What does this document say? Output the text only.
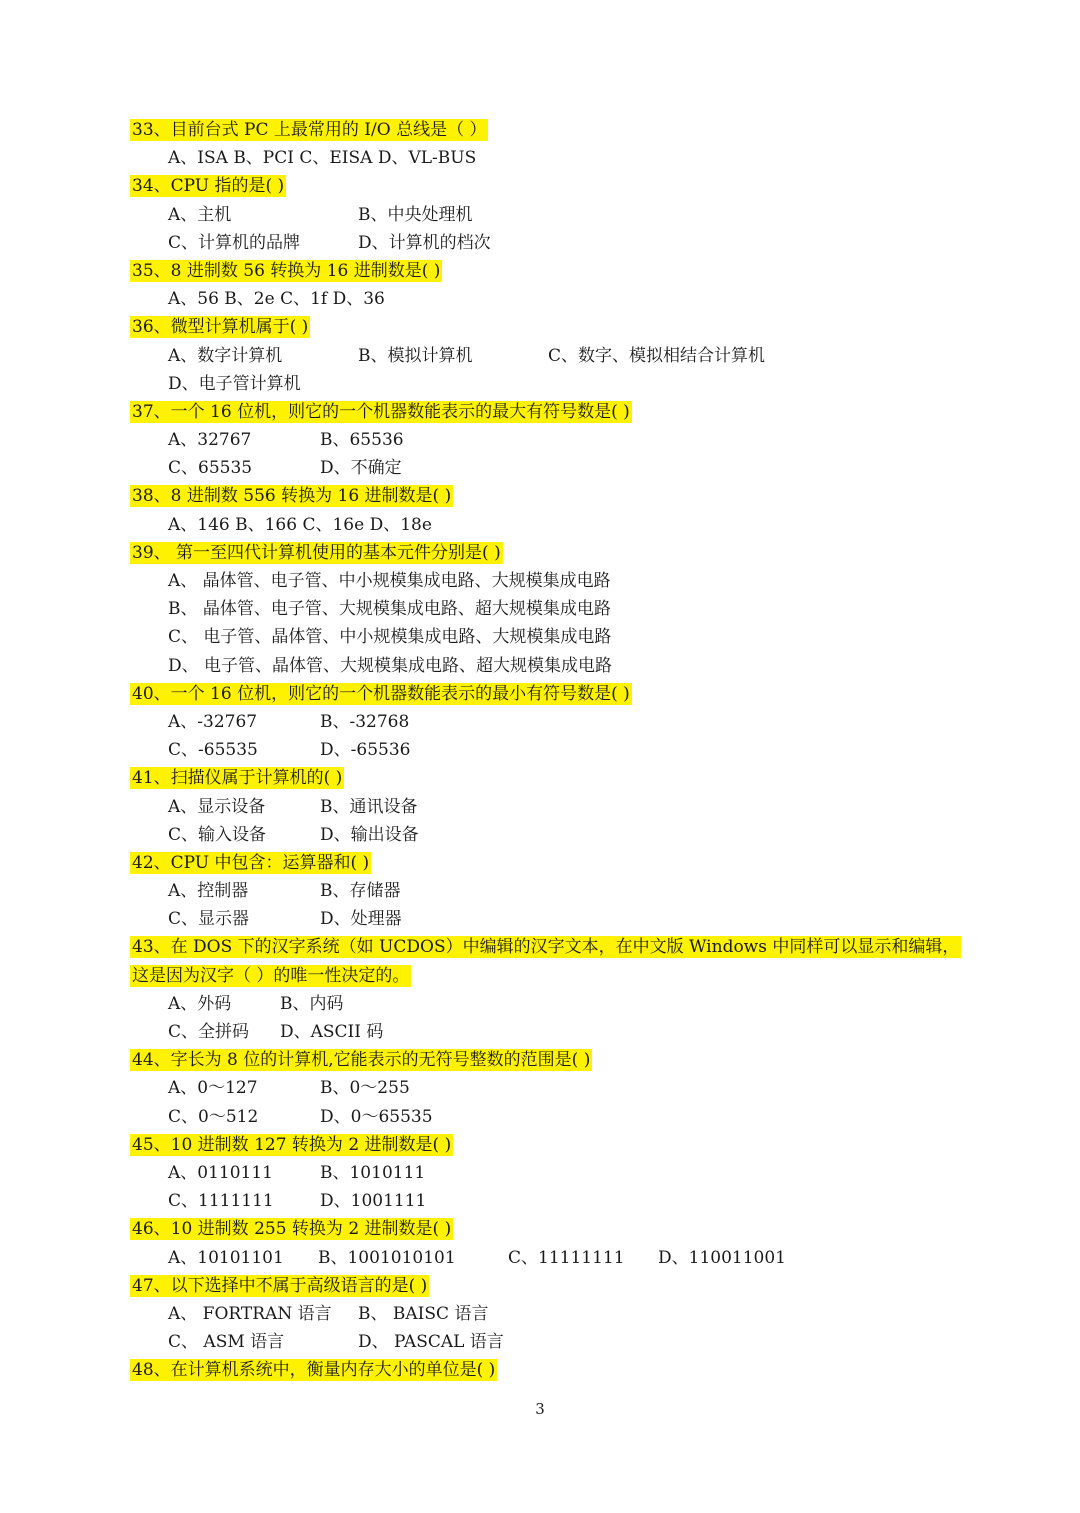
33、目前台式 PC 上最常用的 I/O 总线是（ ）
A、ISA B、PCI C、EISA D、VL-BUS
34、CPU 指的是( )
A、主机	B、中央处理机
C、计算机的品牌	D、计算机的档次
35、8 进制数 56 转换为 16 进制数是( )
A、56 B、2e C、1f D、36
36、微型计算机属于( )
A、数字计算机	B、模拟计算机	C、数字、模拟相结合计算机
D、电子管计算机
37、一个 16 位机，则它的一个机器数能表示的最大有符号数是( )
A、32767	B、65536
C、65535	D、不确定
38、8 进制数 556 转换为 16 进制数是( )
A、146 B、166 C、16e D、18e
39、 第一至四代计算机使用的基本元件分别是( )
A、 晶体管、电子管、中小规模集成电路、大规模集成电路
B、 晶体管、电子管、大规模集成电路、超大规模集成电路
C、 电子管、晶体管、中小规模集成电路、大规模集成电路
D、 电子管、晶体管、大规模集成电路、超大规模集成电路
40、一个 16 位机，则它的一个机器数能表示的最小有符号数是( )
A、-32767	B、-32768
C、-65535	D、-65536
41、扫描仪属于计算机的( )
A、显示设备	B、通讯设备
C、输入设备	D、输出设备
42、CPU 中包含：运算器和( )
A、控制器	B、存储器
C、显示器	D、处理器
43、在 DOS 下的汉字系统（如 UCDOS）中编辑的汉字文本，在中文版 Windows 中同样可以显示和编辑，
这是因为汉字（ ）的唯一性决定的。
A、外码	B、内码
C、全拼码 D、ASCII 码
44、字长为 8 位的计算机,它能表示的无符号整数的范围是( )
A、0～127	B、0～255
C、0～512	D、0～65535
45、10 进制数 127 转换为 2 进制数是( )
A、0110111	B、1010111
C、1111111	D、1001111
46、10 进制数 255 转换为 2 进制数是( )
A、10101101 B、1001010101	C、11111111 D、110011001
47、以下选择中不属于高级语言的是( )
A、 FORTRAN 语言 B、 BAISC 语言
C、 ASM 语言	D、 PASCAL 语言
48、在计算机系统中，衡量内存大小的单位是( )
3
